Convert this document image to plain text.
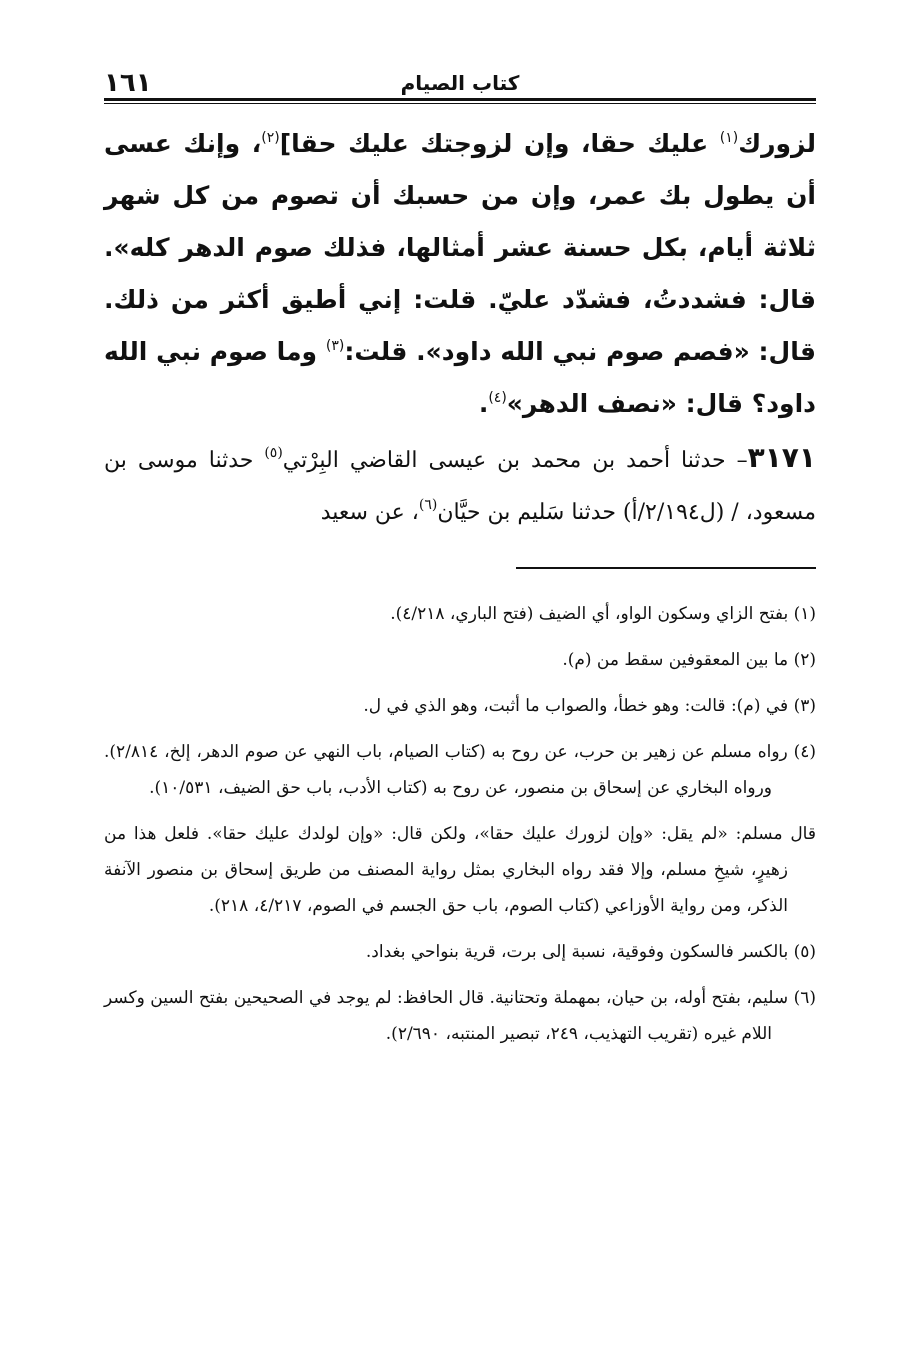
كتاب الصيام
١٦١
لزورك$^{(١)}$ عليك حقا، وإن لزوجتك عليك حقا]$^{(٢)}$، وإنك عسى أن يطول بك عمر، وإن من حسبك أن تصوم من كل شهر ثلاثة أيام، بكل حسنة عشر أمثالها، فذلك صوم الدهر كله». قال: فشددتُ، فشدّد عليّ. قلت: إني أطيق أكثر من ذلك. قال: «فصم صوم نبي الله داود». قلت:$^{(٣)}$ وما صوم نبي الله داود؟ قال: «نصف الدهر»$^{(٤)}$.
٣١٧١– حدثنا أحمد بن محمد بن عيسى القاضي البِرْتي$^{(٥)}$ حدثنا موسى بن مسعود، / (ل٢/١٩٤/أ) حدثنا سَليم بن حيَّان$^{(٦)}$، عن سعيد

(١) بفتح الزاي وسكون الواو، أي الضيف (فتح الباري، ٤/٢١٨).

(٢) ما بين المعقوفين سقط من (م).

(٣) في (م): قالت: وهو خطأ، والصواب ما أثبت، وهو الذي في ل.

(٤) رواه مسلم عن زهير بن حرب، عن روح به (كتاب الصيام، باب النهي عن صوم الدهر، إلخ، ٢/٨١٤). ورواه البخاري عن إسحاق بن منصور، عن روح به (كتاب الأدب، باب حق الضيف، ١٠/٥٣١).

قال مسلم: «لم يقل: «وإن لزورك عليك حقا»، ولكن قال: «وإن لولدك عليك حقا». فلعل هذا من زهيرٍ، شيخِ مسلم، وإلا فقد رواه البخاري بمثل رواية المصنف من طريق إسحاق بن منصور الآنفة الذكر، ومن رواية الأوزاعي (كتاب الصوم، باب حق الجسم في الصوم، ٤/٢١٧، ٢١٨).

(٥) بالكسر فالسكون وفوقية، نسبة إلى برت، قرية بنواحي بغداد.

(٦) سليم، بفتح أوله، بن حيان، بمهملة وتحتانية. قال الحافظ: لم يوجد في الصحيحين بفتح السين وكسر اللام غيره (تقريب التهذيب، ٢٤٩، تبصير المنتبه، ٢/٦٩٠).
